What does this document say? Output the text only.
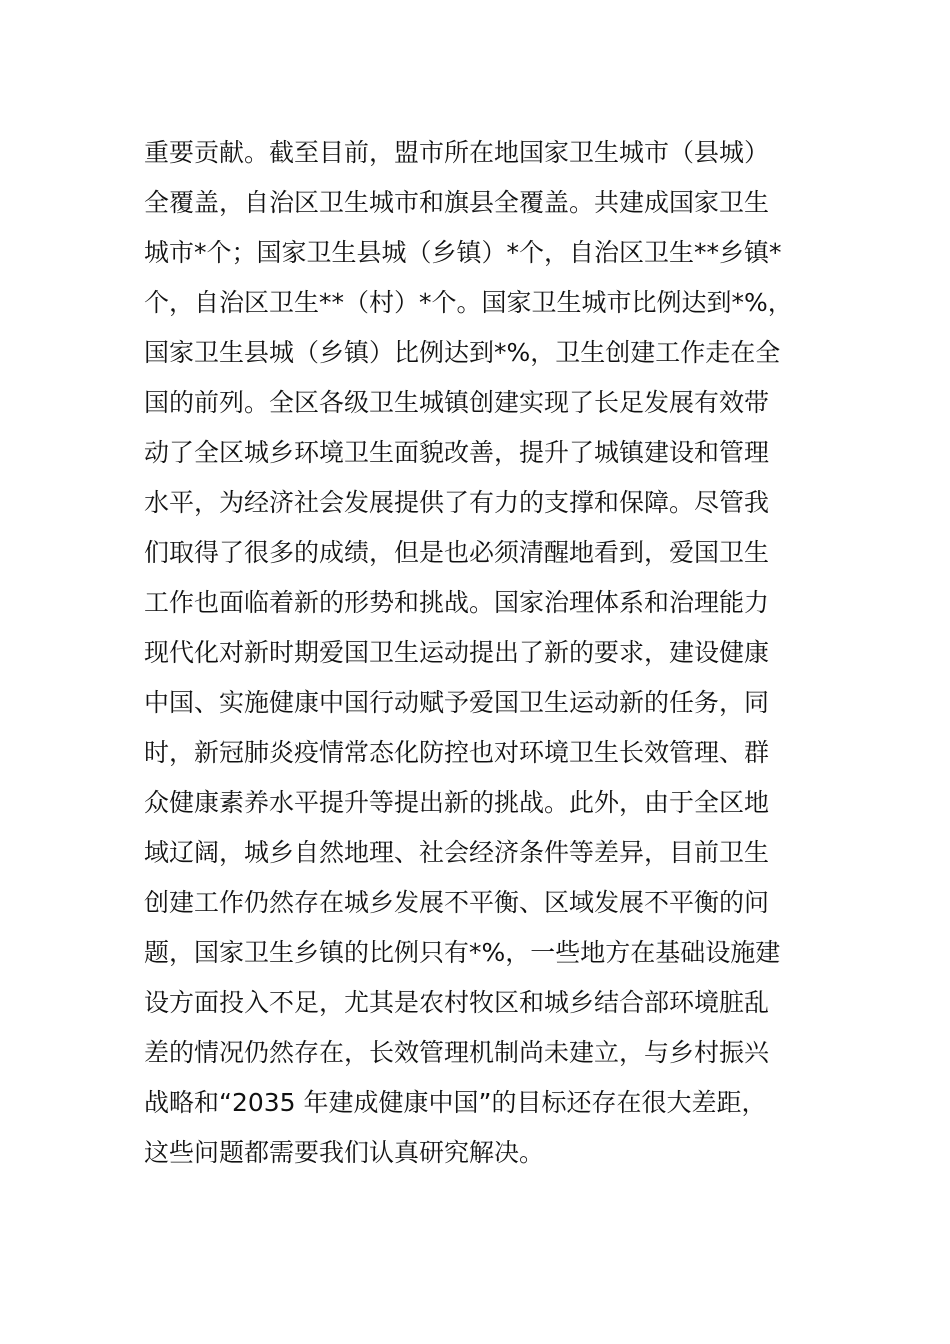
重要贡献。截至目前，盟市所在地国家卫生城市（县城）
全覆盖，自治区卫生城市和旗县全覆盖。共建成国家卫生
城市*个；国家卫生县城（乡镇）*个，自治区卫生**乡镇*
个，自治区卫生**（村）*个。国家卫生城市比例达到*%，
国家卫生县城（乡镇）比例达到*%，卫生创建工作走在全
国的前列。全区各级卫生城镇创建实现了长足发展有效带
动了全区城乡环境卫生面貌改善，提升了城镇建设和管理
水平，为经济社会发展提供了有力的支撑和保障。尽管我
们取得了很多的成绩，但是也必须清醒地看到，爱国卫生
工作也面临着新的形势和挑战。国家治理体系和治理能力
现代化对新时期爱国卫生运动提出了新的要求，建设健康
中国、实施健康中国行动赋予爱国卫生运动新的任务，同
时，新冠肺炎疫情常态化防控也对环境卫生长效管理、群
众健康素养水平提升等提出新的挑战。此外，由于全区地
域辽阔，城乡自然地理、社会经济条件等差异，目前卫生
创建工作仍然存在城乡发展不平衡、区域发展不平衡的问
题，国家卫生乡镇的比例只有*%，一些地方在基础设施建
设方面投入不足，尤其是农村牧区和城乡结合部环境脏乱
差的情况仍然存在，长效管理机制尚未建立，与乡村振兴
战略和“2035 年建成健康中国”的目标还存在很大差距，
这些问题都需要我们认真研究解决。
